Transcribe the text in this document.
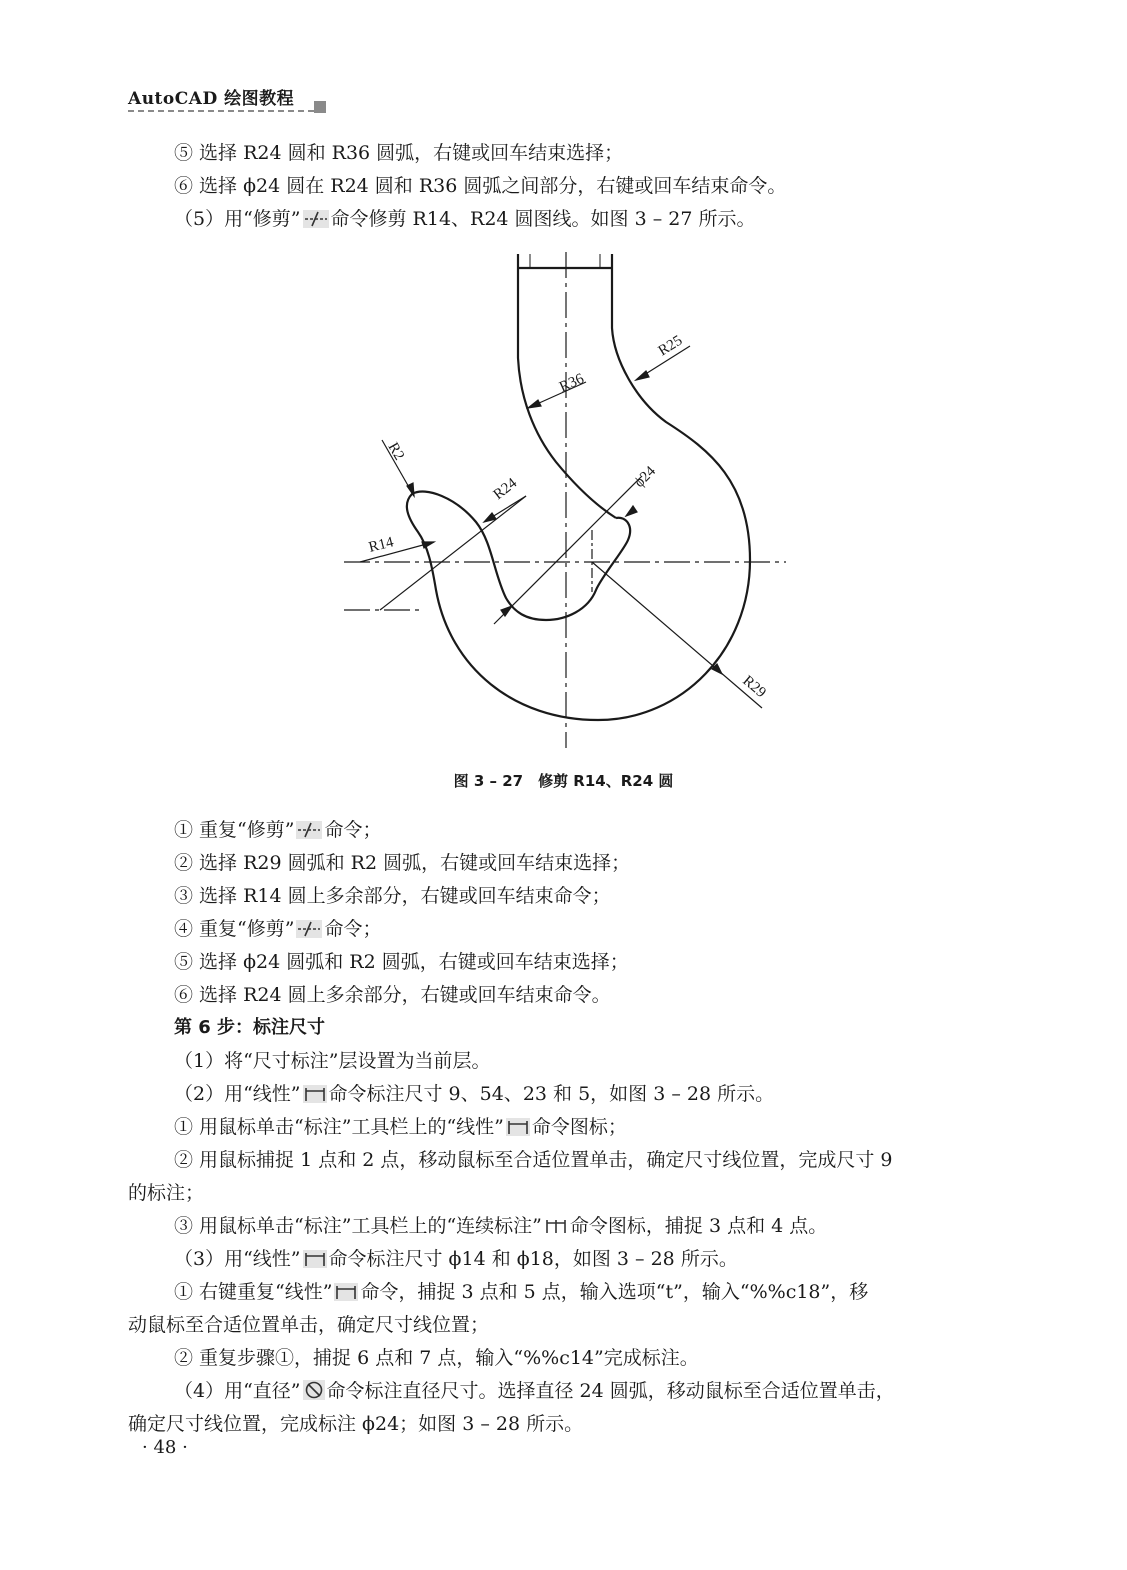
AutoCAD 绘图教程
⑤ 选择 R24 圆和 R36 圆弧，右键或回车结束选择；
⑥ 选择 ϕ24 圆在 R24 圆和 R36 圆弧之间部分，右键或回车结束命令。
（5）用“修剪” 命令修剪 R14、R24 圆图线。如图 3 – 27 所示。
R25
R36
R2
R24	ϕ24
R14
R29
图 3 – 27　修剪 R14、R24 圆
① 重复“修剪” 命令；
② 选择 R29 圆弧和 R2 圆弧，右键或回车结束选择；
③ 选择 R14 圆上多余部分，右键或回车结束命令；
④ 重复“修剪” 命令；
⑤ 选择 ϕ24 圆弧和 R2 圆弧，右键或回车结束选择；
⑥ 选择 R24 圆上多余部分，右键或回车结束命令。
第 6 步：标注尺寸
（1）将“尺寸标注”层设置为当前层。
（2）用“线性” 命令标注尺寸 9、54、23 和 5，如图 3 – 28 所示。
① 用鼠标单击“标注”工具栏上的“线性” 命令图标；
② 用鼠标捕捉 1 点和 2 点，移动鼠标至合适位置单击，确定尺寸线位置，完成尺寸 9
的标注；
③ 用鼠标单击“标注”工具栏上的“连续标注” 命令图标，捕捉 3 点和 4 点。
（3）用“线性” 命令标注尺寸 ϕ14 和 ϕ18，如图 3 – 28 所示。
① 右键重复“线性” 命令，捕捉 3 点和 5 点，输入选项“t”，输入“%%c18”，移
动鼠标至合适位置单击，确定尺寸线位置；
② 重复步骤①，捕捉 6 点和 7 点，输入“%%c14”完成标注。
（4）用“直径” 命令标注直径尺寸。选择直径 24 圆弧，移动鼠标至合适位置单击，
确定尺寸线位置，完成标注 ϕ24；如图 3 – 28 所示。
· 48 ·
